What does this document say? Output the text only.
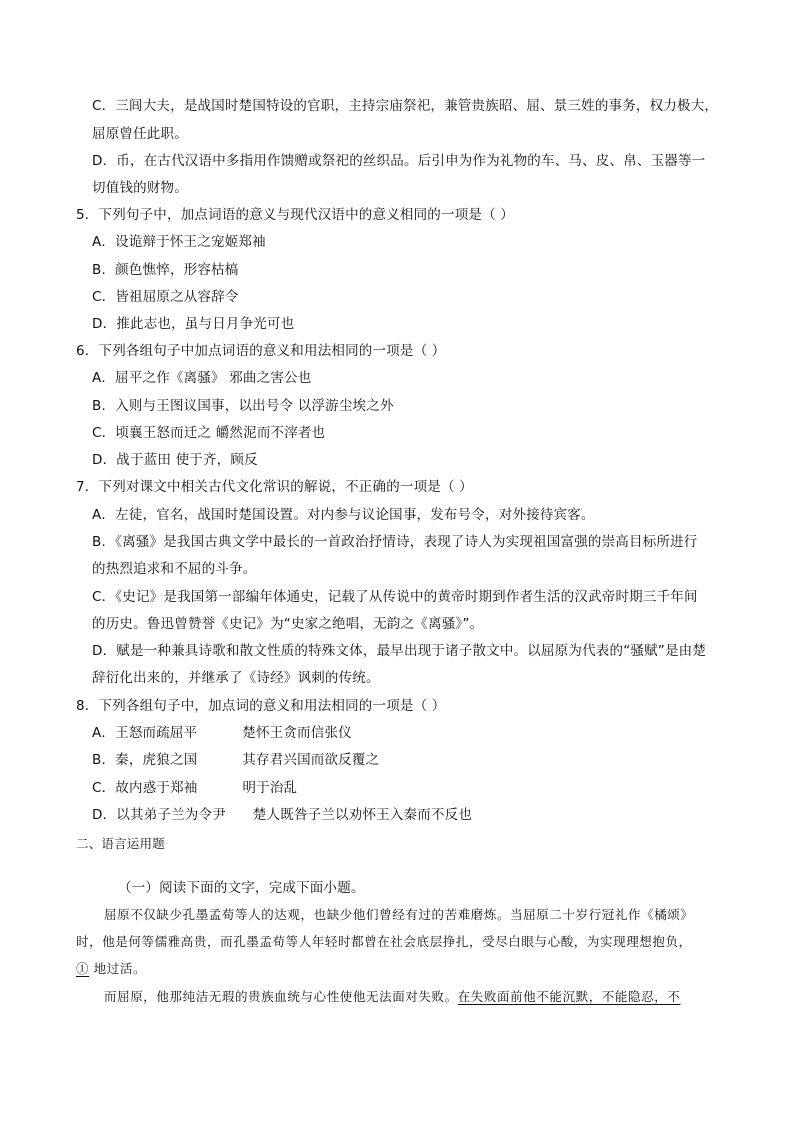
C．三闾大夫，是战国时楚国特设的官职，主持宗庙祭祀，兼管贵族昭、屈、景三姓的事务，权力极大，
屈原曾任此职。
D．币，在古代汉语中多指用作馈赠或祭祀的丝织品。后引申为作为礼物的车、马、皮、帛、玉器等一
切值钱的财物。
5．下列句子中，加点词语的意义与现代汉语中的意义相同的一项是（ ）
A．设诡辩于怀王之宠姬郑袖
B．颜色憔悴，形容枯槁
C．皆祖屈原之从容辞令
D．推此志也，虽与日月争光可也
6．下列各组句子中加点词语的意义和用法相同的一项是（ ）
A．屈平之作《离骚》 邪曲之害公也
B．入则与王图议国事，以出号令 以浮游尘埃之外
C．顷襄王怒而迁之 皭然泥而不滓者也
D．战于蓝田 使于齐，顾反
7．下列对课文中相关古代文化常识的解说，不正确的一项是（ ）
A．左徒，官名，战国时楚国设置。对内参与议论国事，发布号令，对外接待宾客。
B．《离骚》是我国古典文学中最长的一首政治抒情诗，表现了诗人为实现祖国富强的崇高目标所进行
的热烈追求和不屈的斗争。
C．《史记》是我国第一部编年体通史，记载了从传说中的黄帝时期到作者生活的汉武帝时期三千年间
的历史。鲁迅曾赞誉《史记》为“史家之绝唱，无韵之《离骚》”。
D．赋是一种兼具诗歌和散文性质的特殊文体，最早出现于诸子散文中。以屈原为代表的“骚赋”是由楚
辞衍化出来的，并继承了《诗经》讽刺的传统。
8．下列各组句子中，加点词的意义和用法相同的一项是（ ）
A．王怒而疏屈平          楚怀王贪而信张仪
B．秦，虎狼之国          其存君兴国而欲反覆之
C．故内惑于郑袖          明于治乱
D．以其弟子兰为令尹      楚人既咎子兰以劝怀王入秦而不反也
二、语言运用题
（一）阅读下面的文字，完成下面小题。
屈原不仅缺少孔墨孟荀等人的达观，也缺少他们曾经有过的苦难磨炼。当屈原二十岁行冠礼作《橘颂》
时，他是何等儒雅高贵，而孔墨孟荀等人年轻时都曾在社会底层挣扎，受尽白眼与心酸，为实现理想抱负，
① 地过活。
而屈原，他那纯洁无瑕的贵族血统与心性使他无法面对失败。在失败面前他不能沉默，不能隐忍，不
